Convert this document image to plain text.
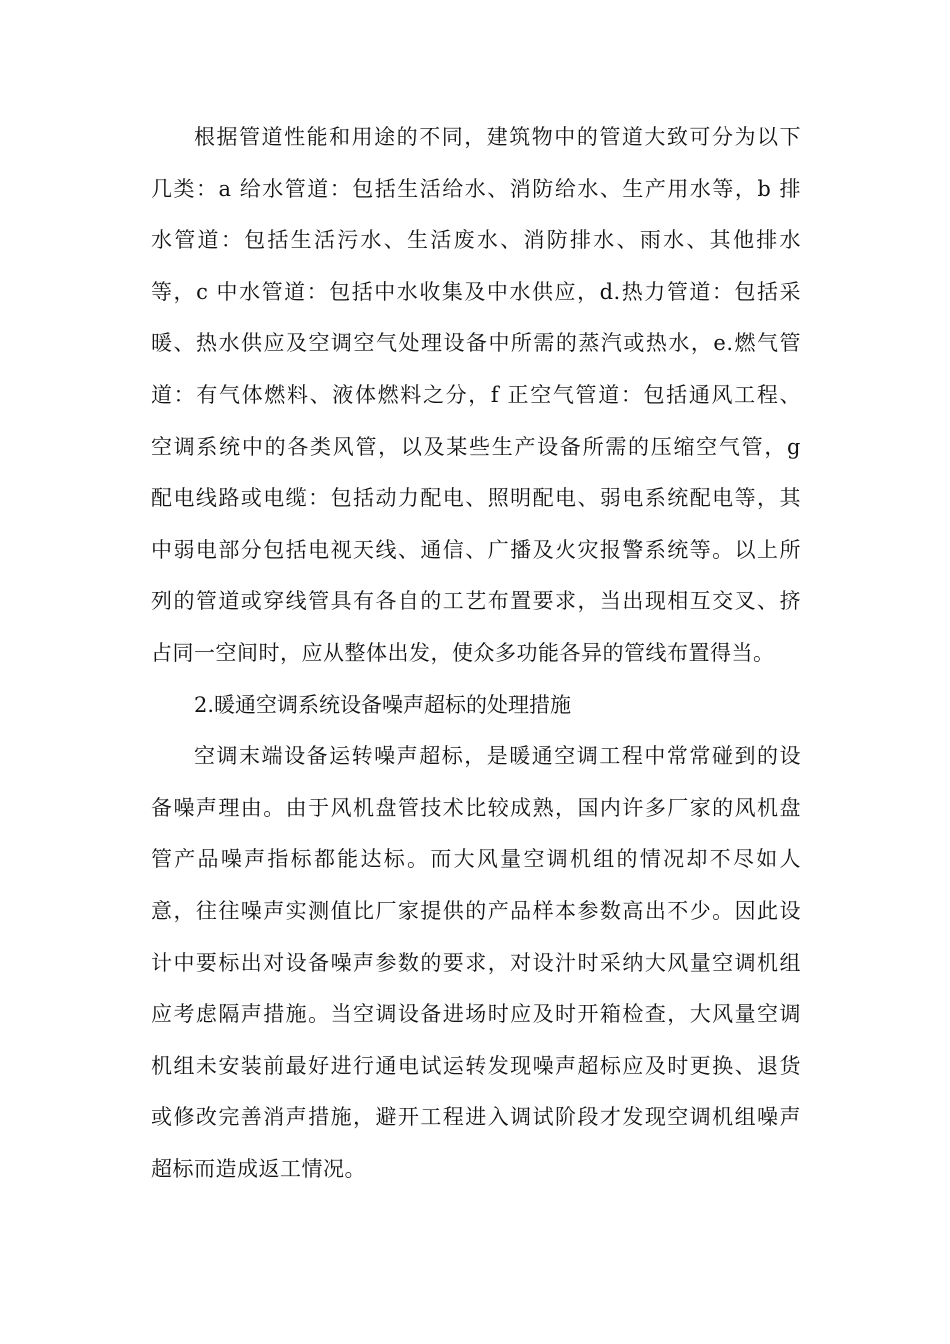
根据管道性能和用途的不同，建筑物中的管道大致可分为以下
几类：a 给水管道：包括生活给水、消防给水、生产用水等，b 排
水管道：包括生活污水、生活废水、消防排水、雨水、其他排水
等，c 中水管道：包括中水收集及中水供应，d.热力管道：包括采
暖、热水供应及空调空气处理设备中所需的蒸汽或热水，e.燃气管
道：有气体燃料、液体燃料之分，f 正空气管道：包括通风工程、
空调系统中的各类风管，以及某些生产设备所需的压缩空气管，g
配电线路或电缆：包括动力配电、照明配电、弱电系统配电等，其
中弱电部分包括电视天线、通信、广播及火灾报警系统等。以上所
列的管道或穿线管具有各自的工艺布置要求，当出现相互交叉、挤
占同一空间时，应从整体出发，使众多功能各异的管线布置得当。
2.暖通空调系统设备噪声超标的处理措施
空调末端设备运转噪声超标，是暖通空调工程中常常碰到的设
备噪声理由。由于风机盘管技术比较成熟，国内许多厂家的风机盘
管产品噪声指标都能达标。而大风量空调机组的情况却不尽如人
意，往往噪声实测值比厂家提供的产品样本参数高出不少。因此设
计中要标出对设备噪声参数的要求，对设汁时采纳大风量空调机组
应考虑隔声措施。当空调设备进场时应及时开箱检查，大风量空调
机组未安装前最好进行通电试运转发现噪声超标应及时更换、退货
或修改完善消声措施，避开工程进入调试阶段才发现空调机组噪声
超标而造成返工情况。
